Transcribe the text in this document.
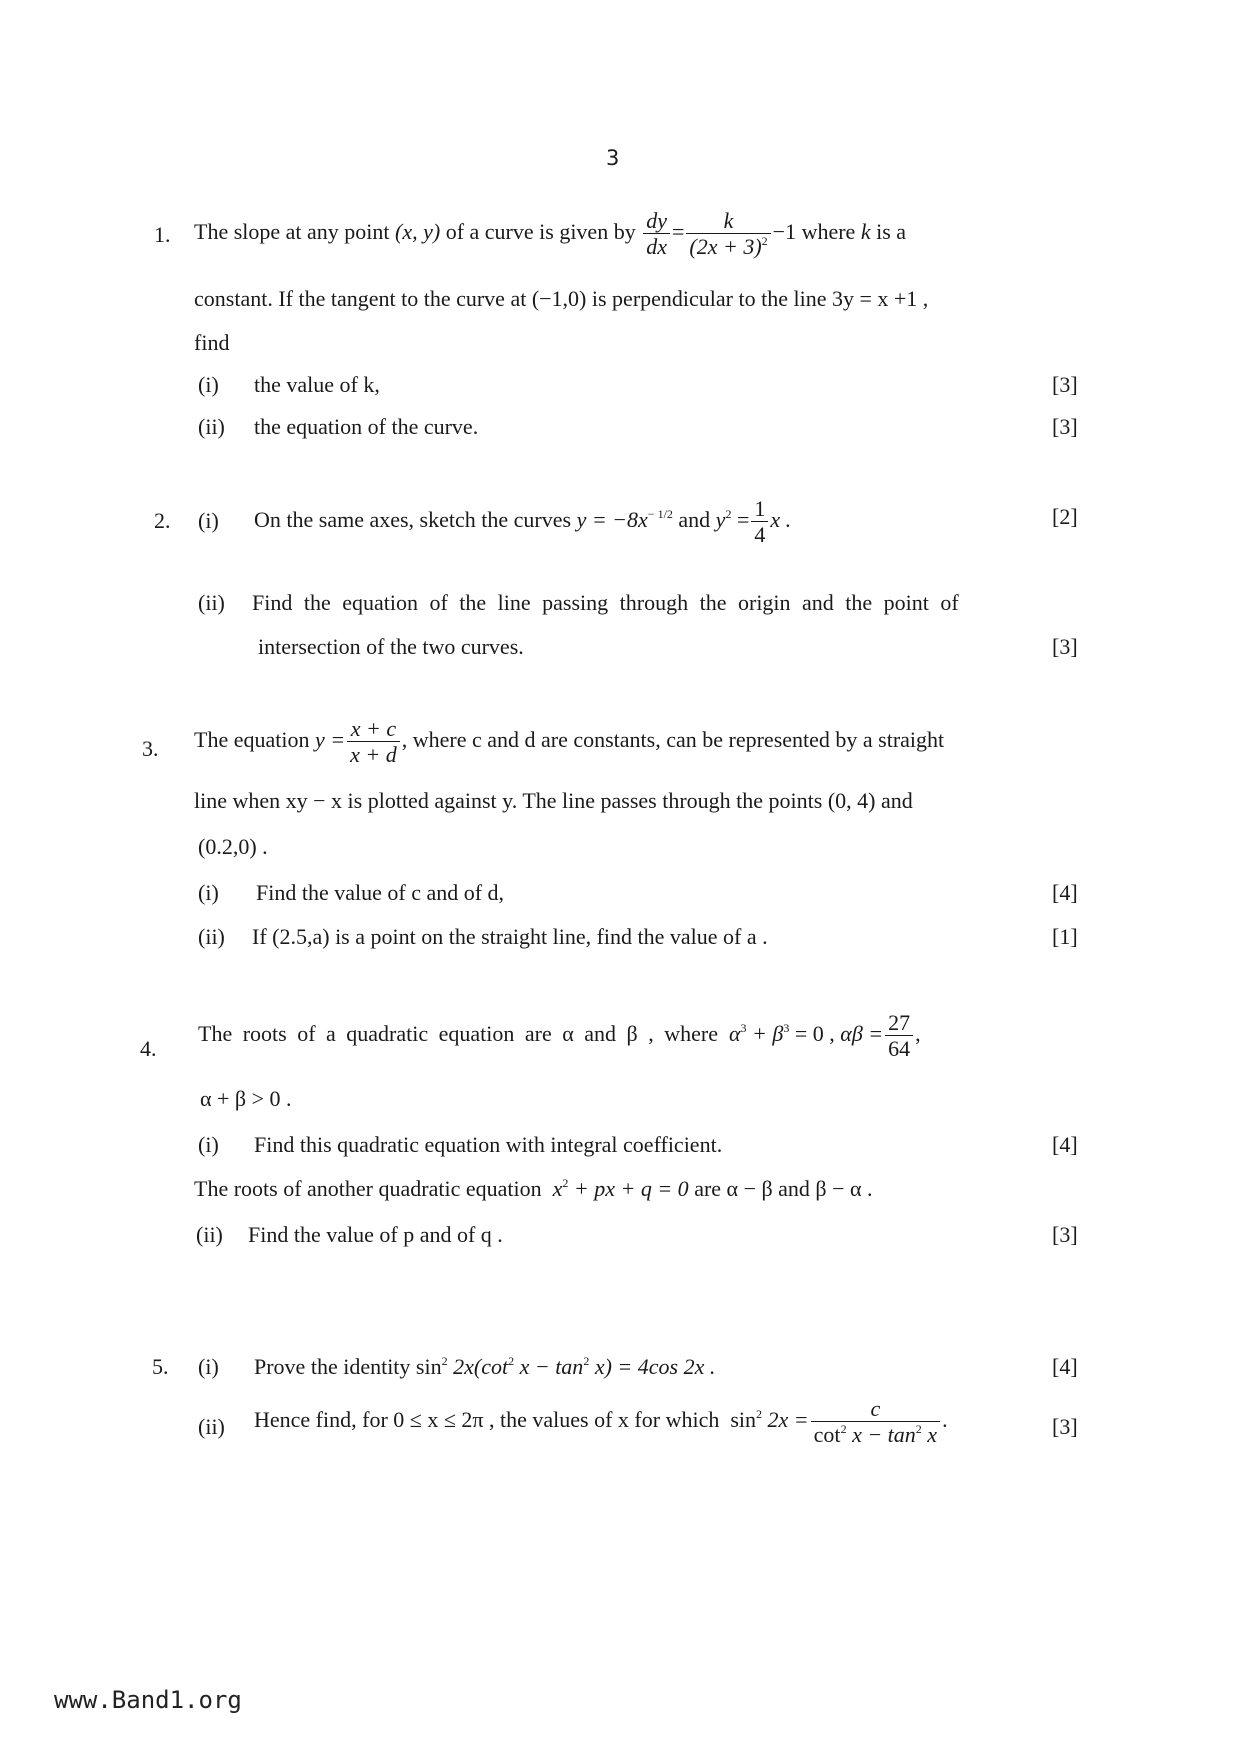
3
1. The slope at any point (x, y) of a curve is given by $\frac{dy}{dx} = \frac{k}{(2x + 3)^2} -1$ where k is a
constant. If the tangent to the curve at (−1,0) is perpendicular to the line 3y = x +1 ,
find
(i) the value of k,	[3]
(ii) the equation of the curve.	[3]
2. (i) On the same axes, sketch the curves $y = -8x^{- 1/2}$ and $y^2 = \frac{1}{4}$ x .	[2]
(ii) Find the equation of the line passing through the origin and the point of
intersection of the two curves.	[3]
3. The equation $y = \frac{x + c}{x + d}$ , where c and d are constants, can be represented by a straight
line when xy − x is plotted against y. The line passes through the points (0, 4) and
(0.2,0) .
(i) Find the value of c and of d,	[4]
(ii) If (2.5,a) is a point on the straight line, find the value of a .	[1]
4.
The roots of a quadratic equation are α and β , where $\alpha^3 + \beta^3 = 0$ , $\alpha\beta = \frac{27}{64}$ ,
α + β > 0 .
(i) Find this quadratic equation with integral coefficient.	[4]
The roots of another quadratic equation $x^2$ + px + q = 0 are α − β and β − α .
(ii) Find the value of p and of q .	[3]
5. (i) Prove the identity $\sin^2 2x(\cot^2$ $x - \tan^2 x) = 4\cos$ 2x .	[4]
(ii) Hence find, for 0 ≤ x ≤ 2π , the values of x for which $\sin^2 2x = \frac{c}{\cot^2 x - \tan^2 x}$ .	[3]
www.Band1.org
